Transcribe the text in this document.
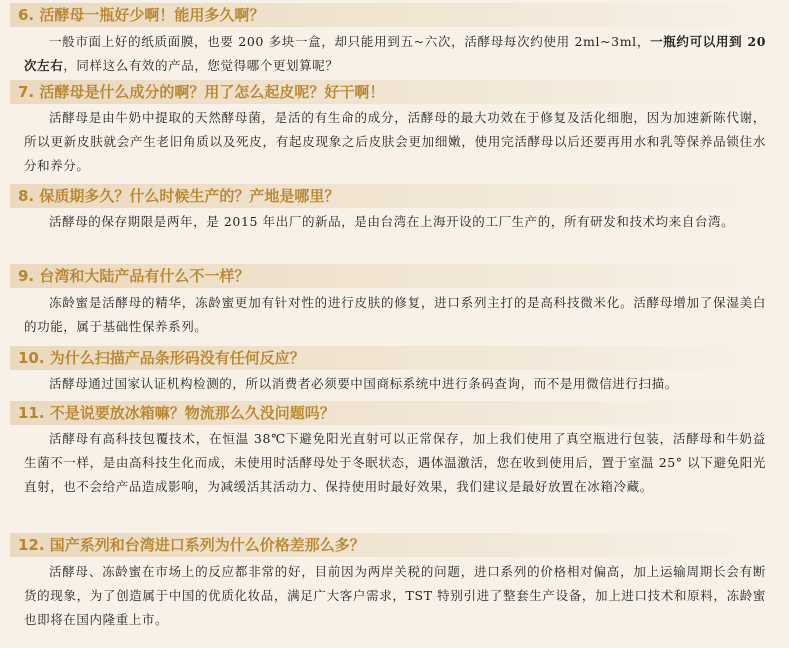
6. 活酵母一瓶好少啊！能用多久啊？
一般市面上好的纸质面膜，也要 200 多块一盒，却只能用到五~六次，活酵母每次约使用 2ml~3ml，一瓶约可以用到 20 次左右，同样这么有效的产品，您觉得哪个更划算呢？
7. 活酵母是什么成分的啊？用了怎么起皮呢？好干啊！
活酵母是由牛奶中提取的天然酵母菌，是活的有生命的成分，活酵母的最大功效在于修复及活化细胞，因为加速新陈代谢，所以更新皮肤就会产生老旧角质以及死皮，有起皮现象之后皮肤会更加细嫩，使用完活酵母以后还要再用水和乳等保养品锁住水分和养分。
8. 保质期多久？什么时候生产的？产地是哪里？
活酵母的保存期限是两年，是 2015 年出厂的新品，是由台湾在上海开设的工厂生产的，所有研发和技术均来自台湾。
9. 台湾和大陆产品有什么不一样？
冻龄蜜是活酵母的精华，冻龄蜜更加有针对性的进行皮肤的修复，进口系列主打的是高科技微米化。活酵母增加了保湿美白的功能，属于基础性保养系列。
10. 为什么扫描产品条形码没有任何反应？
活酵母通过国家认证机构检测的，所以消费者必须要中国商标系统中进行条码查询，而不是用微信进行扫描。
11. 不是说要放冰箱嘛？物流那么久没问题吗？
活酵母有高科技包覆技术，在恒温 38℃下避免阳光直射可以正常保存，加上我们使用了真空瓶进行包装，活酵母和牛奶益生菌不一样，是由高科技生化而成，未使用时活酵母处于冬眠状态，遇体温激活，您在收到使用后，置于室温 25° 以下避免阳光直射，也不会给产品造成影响，为减缓活其活动力、保持使用时最好效果，我们建议是最好放置在冰箱冷藏。
12. 国产系列和台湾进口系列为什么价格差那么多？
活酵母、冻龄蜜在市场上的反应都非常的好，目前因为两岸关税的问题，进口系列的价格相对偏高，加上运输周期长会有断货的现象，为了创造属于中国的优质化妆品，满足广大客户需求，TST 特别引进了整套生产设备，加上进口技术和原料，冻龄蜜也即将在国内隆重上市。
